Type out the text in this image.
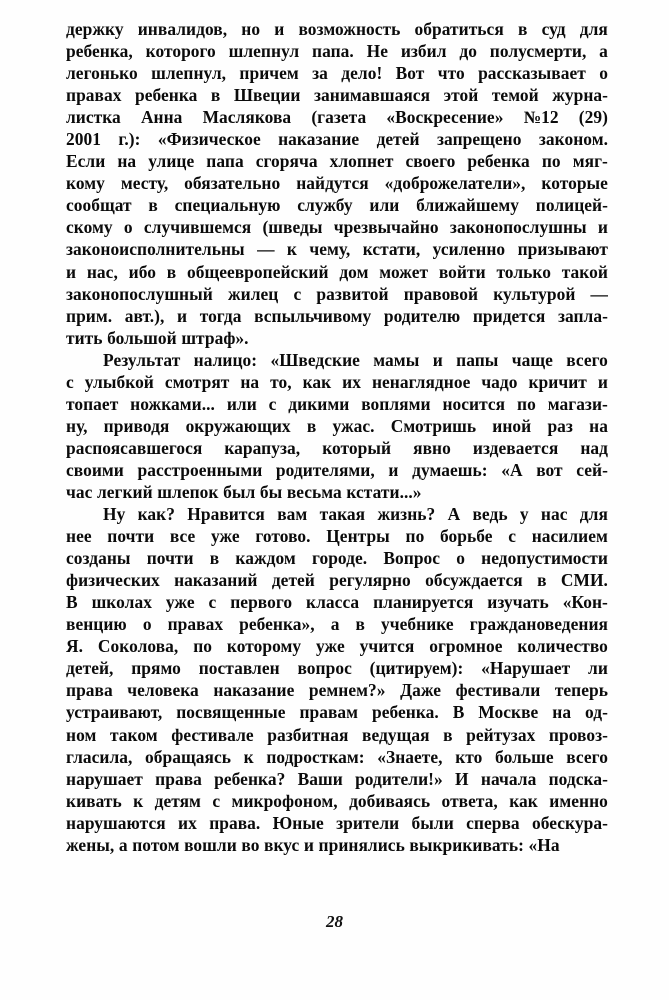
держку инвалидов, но и возможность обратиться в суд для
ребенка, которого шлепнул папа. Не избил до полусмерти, а
легонько шлепнул, причем за дело! Вот что рассказывает о
правах ребенка в Швеции занимавшаяся этой темой журна-
листка Анна Маслякова (газета «Воскресение» №12 (29)
2001 г.): «Физическое наказание детей запрещено законом.
Если на улице папа сгоряча хлопнет своего ребенка по мяг-
кому месту, обязательно найдутся «доброжелатели», которые
сообщат в специальную службу или ближайшему полицей-
скому о случившемся (шведы чрезвычайно законопослушны и
законоисполнительны — к чему, кстати, усиленно призывают
и нас, ибо в общеевропейский дом может войти только такой
законопослушный жилец с развитой правовой культурой —
прим. авт.), и тогда вспыльчивому родителю придется запла-
тить большой штраф».
Результат налицо: «Шведские мамы и папы чаще всего
с улыбкой смотрят на то, как их ненаглядное чадо кричит и
топает ножками... или с дикими воплями носится по магази-
ну, приводя окружающих в ужас. Смотришь иной раз на
распоясавшегося карапуза, который явно издевается над
своими расстроенными родителями, и думаешь: «А вот сей-
час легкий шлепок был бы весьма кстати...»
Ну как? Нравится вам такая жизнь? А ведь у нас для
нее почти все уже готово. Центры по борьбе с насилием
созданы почти в каждом городе. Вопрос о недопустимости
физических наказаний детей регулярно обсуждается в СМИ.
В школах уже с первого класса планируется изучать «Кон-
венцию о правах ребенка», а в учебнике граждановедения
Я. Соколова, по которому уже учится огромное количество
детей, прямо поставлен вопрос (цитируем): «Нарушает ли
права человека наказание ремнем?» Даже фестивали теперь
устраивают, посвященные правам ребенка. В Москве на од-
ном таком фестивале разбитная ведущая в рейтузах провоз-
гласила, обращаясь к подросткам: «Знаете, кто больше всего
нарушает права ребенка? Ваши родители!» И начала подска-
кивать к детям с микрофоном, добиваясь ответа, как именно
нарушаются их права. Юные зрители были сперва обескура-
жены, а потом вошли во вкус и принялись выкрикивать: «На
28
